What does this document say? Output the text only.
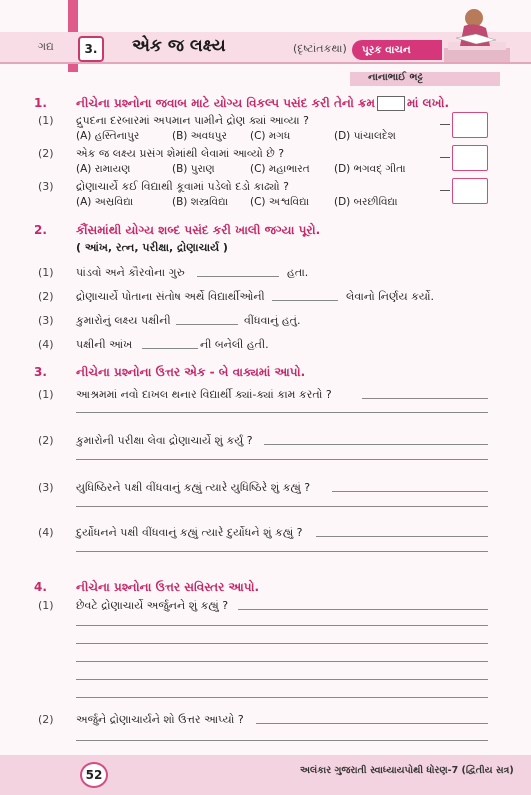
ગદ્ય	3.	એક જ લક્ષ્ય	(દૃષ્ટાંતકથા)	પૂરક વાચન
નાનાભાઈ ભટ્ટ
1. નીચેના પ્રશ્નોના જવાબ માટે યોગ્ય વિકલ્પ પસંદ કરી તેનો ક્રમ	માં લખો.
(1) દ્રુપદના દરબારમાં અપમાન પામીને દ્રોણ ક્યાં આવ્યા ?
(A) હસ્તિનાપુર	(B) અવધપુર (C) મગધ	(D) પાંચાલદેશ
(2) એક જ લક્ષ્ય પ્રસંગ શેમાંથી લેવામાં આવ્યો છે ?
(A) રામાયણ	(B) પુરાણ	(C) મહાભારત (D) ભગવદ્ ગીતા
(3) દ્રોણાચાર્યે કઈ વિદ્યાથી કૂવામાં પડેલો દડો કાઢ્યો ?
(A) અસ્રવિદ્યા	(B) શસ્ત્રવિદ્યા (C) અશ્વવિદ્યા (D) બરછીવિદ્યા
2. કૌંસમાંથી યોગ્ય શબ્દ પસંદ કરી ખાલી જગ્યા પૂરો.
( આંખ, રત્ન, પરીક્ષા, દ્રોણાચાર્ય )
(1) પાંડવો અને કૌરવોના ગુરુ	હતા.
(2) દ્રોણાચાર્યે પોતાના સંતોષ અર્થે વિદ્યાર્થીઓની	લેવાનો નિર્ણય કર્યો.
(3) કુમારોનું લક્ષ્ય પક્ષીની	વીંધવાનું હતું.
(4) પક્ષીની આંખ	ની બનેલી હતી.
3. નીચેના પ્રશ્નોના ઉત્તર એક - બે વાક્યમાં આપો.
(1) આશ્રમમાં નવો દાખલ થનાર વિદ્યાર્થી ક્યાં-ક્યાં કામ કરતો ?
(2) કુમારોની પરીક્ષા લેવા દ્રોણાચાર્યે શું કર્યું ?
(3) યુધિષ્ઠિરને પક્ષી વીંધવાનું કહ્યું ત્યારે યુધિષ્ઠિરે શું કહ્યું ?
(4) દુર્યોધનને પક્ષી વીંધવાનું કહ્યું ત્યારે દુર્યોધને શું કહ્યું ?
4. નીચેના પ્રશ્નોના ઉત્તર સવિસ્તર આપો.
(1) છેવટે દ્રોણાચાર્યે અર્જુનને શું કહ્યું ?
(2) અર્જુને દ્રોણાચાર્યને શો ઉત્તર આપ્યો ?
52	અલંકાર ગુજરાતી સ્વાધ્યાયપોથી ધોરણ-7 (દ્વિતીય સત્ર)
